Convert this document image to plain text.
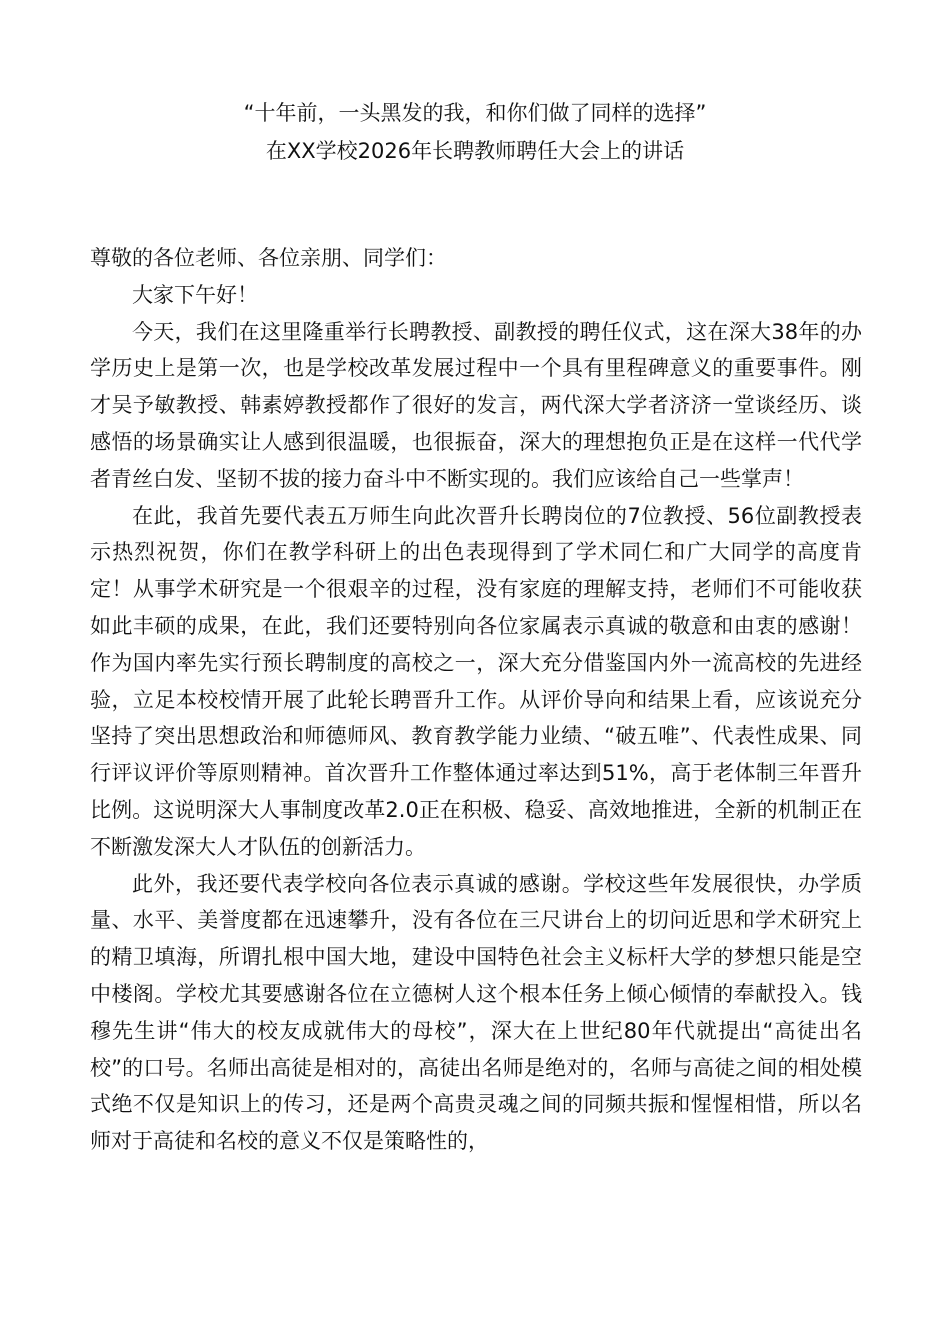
“十年前，一头黑发的我，和你们做了同样的选择”
在XX学校2026年长聘教师聘任大会上的讲话

尊敬的各位老师、各位亲朋、同学们：

大家下午好！

今天，我们在这里隆重举行长聘教授、副教授的聘任仪式，这在深大38年的办学历史上是第一次，也是学校改革发展过程中一个具有里程碑意义的重要事件。刚才吴予敏教授、韩素婷教授都作了很好的发言，两代深大学者济济一堂谈经历、谈感悟的场景确实让人感到很温暖，也很振奋，深大的理想抱负正是在这样一代代学者青丝白发、坚韧不拔的接力奋斗中不断实现的。我们应该给自己一些掌声！

在此，我首先要代表五万师生向此次晋升长聘岗位的7位教授、56位副教授表示热烈祝贺，你们在教学科研上的出色表现得到了学术同仁和广大同学的高度肯定！从事学术研究是一个很艰辛的过程，没有家庭的理解支持，老师们不可能收获如此丰硕的成果，在此，我们还要特别向各位家属表示真诚的敬意和由衷的感谢！作为国内率先实行预长聘制度的高校之一，深大充分借鉴国内外一流高校的先进经验，立足本校校情开展了此轮长聘晋升工作。从评价导向和结果上看，应该说充分坚持了突出思想政治和师德师风、教育教学能力业绩、“破五唯”、代表性成果、同行评议评价等原则精神。首次晋升工作整体通过率达到51%，高于老体制三年晋升比例。这说明深大人事制度改革2.0正在积极、稳妥、高效地推进，全新的机制正在不断激发深大人才队伍的创新活力。

此外，我还要代表学校向各位表示真诚的感谢。学校这些年发展很快，办学质量、水平、美誉度都在迅速攀升，没有各位在三尺讲台上的切问近思和学术研究上的精卫填海，所谓扎根中国大地，建设中国特色社会主义标杆大学的梦想只能是空中楼阁。学校尤其要感谢各位在立德树人这个根本任务上倾心倾情的奉献投入。钱穆先生讲“伟大的校友成就伟大的母校”，深大在上世纪80年代就提出“高徒出名校”的口号。名师出高徒是相对的，高徒出名师是绝对的，名师与高徒之间的相处模式绝不仅是知识上的传习，还是两个高贵灵魂之间的同频共振和惺惺相惜，所以名师对于高徒和名校的意义不仅是策略性的，
